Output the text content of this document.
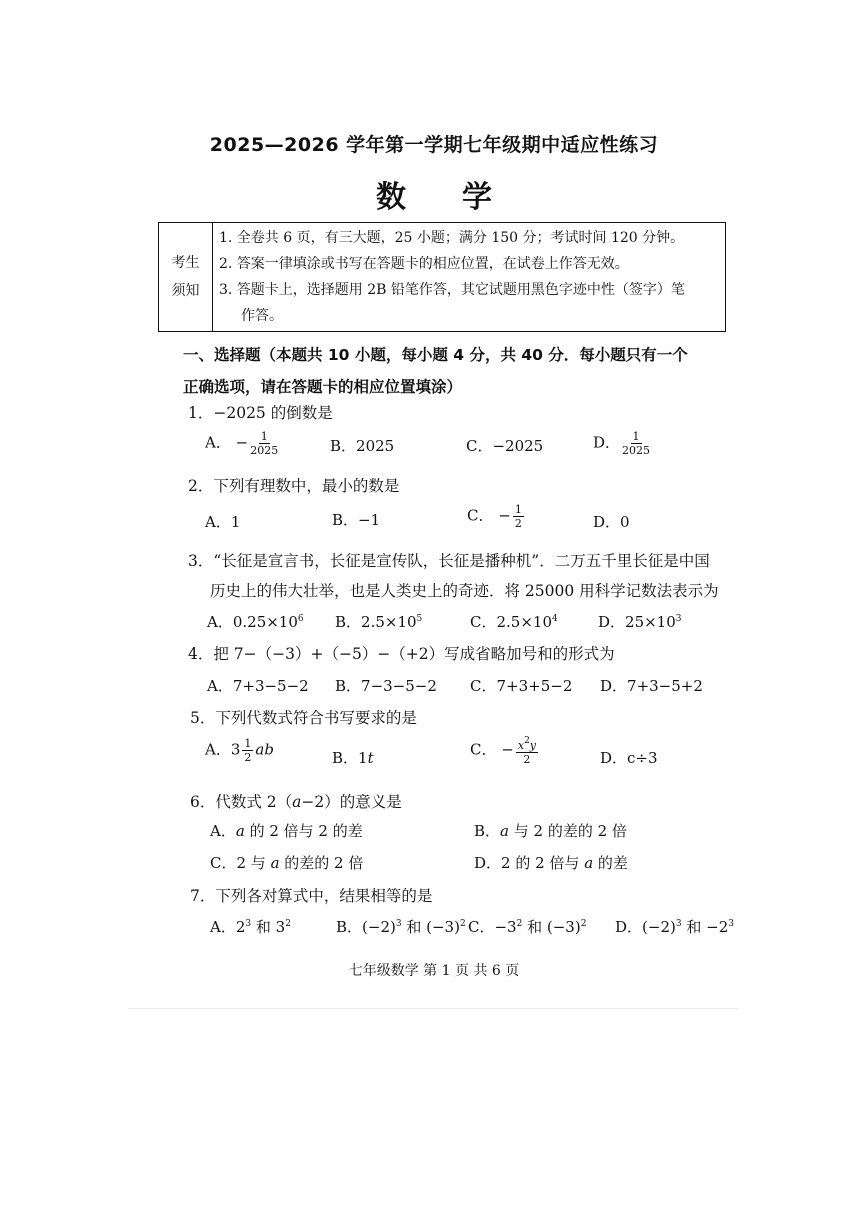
2025—2026 学年第一学期七年级期中适应性练习
数 学
考生
须知
1. 全卷共 6 页，有三大题，25 小题；满分 150 分；考试时间 120 分钟。
2. 答案一律填涂或书写在答题卡的相应位置，在试卷上作答无效。
3. 答题卡上，选择题用 2B 铅笔作答，其它试题用黑色字迹中性（签字）笔
作答。
一、选择题（本题共 10 小题，每小题 4 分，共 40 分．每小题只有一个正确选项，请在答题卡的相应位置填涂）
1．−2025 的倒数是
A． − $\frac{1}{2025}$	B．2025	C．−2025	D． $\frac{1}{2025}$
2．下列有理数中，最小的数是
A．1	B．−1	C． − $\frac{1}{2}$	D．0
3．“长征是宣言书，长征是宣传队，长征是播种机”．二万五千里长征是中国
历史上的伟大壮举，也是人类史上的奇迹．将 25000 用科学记数法表示为
A．$0.25\times 10^6$ B．$2.5\times 10^5$	C．$2.5\times 10^4$	D．$25\times 10^3$
4．把 7−（−3）+（−5）−（+2）写成省略加号和的形式为
A．7+3−5−2 B．7−3−5−2 C．7+3+5−2 D．7+3−5+2
5．下列代数式符合书写要求的是
A．$3 \frac{1}{2}$ ab	B．1t	C． − $\frac{x^2y}{2}$	D．c÷3
6．代数式 2（a−2）的意义是
A．a 的 2 倍与 2 的差	B．a 与 2 的差的 2 倍
C．2 与 a 的差的 2 倍	D．2 的 2 倍与 a 的差
7．下列各对算式中，结果相等的是
A．$2^3$ 和 $3^2$	B．$(-2)^3$ 和 $(-3)^2$ C．$-3^2$ 和 $(-3)^2$ D．$(-2)^3$ 和 $-2^3$
七年级数学 第 1 页 共 6 页
